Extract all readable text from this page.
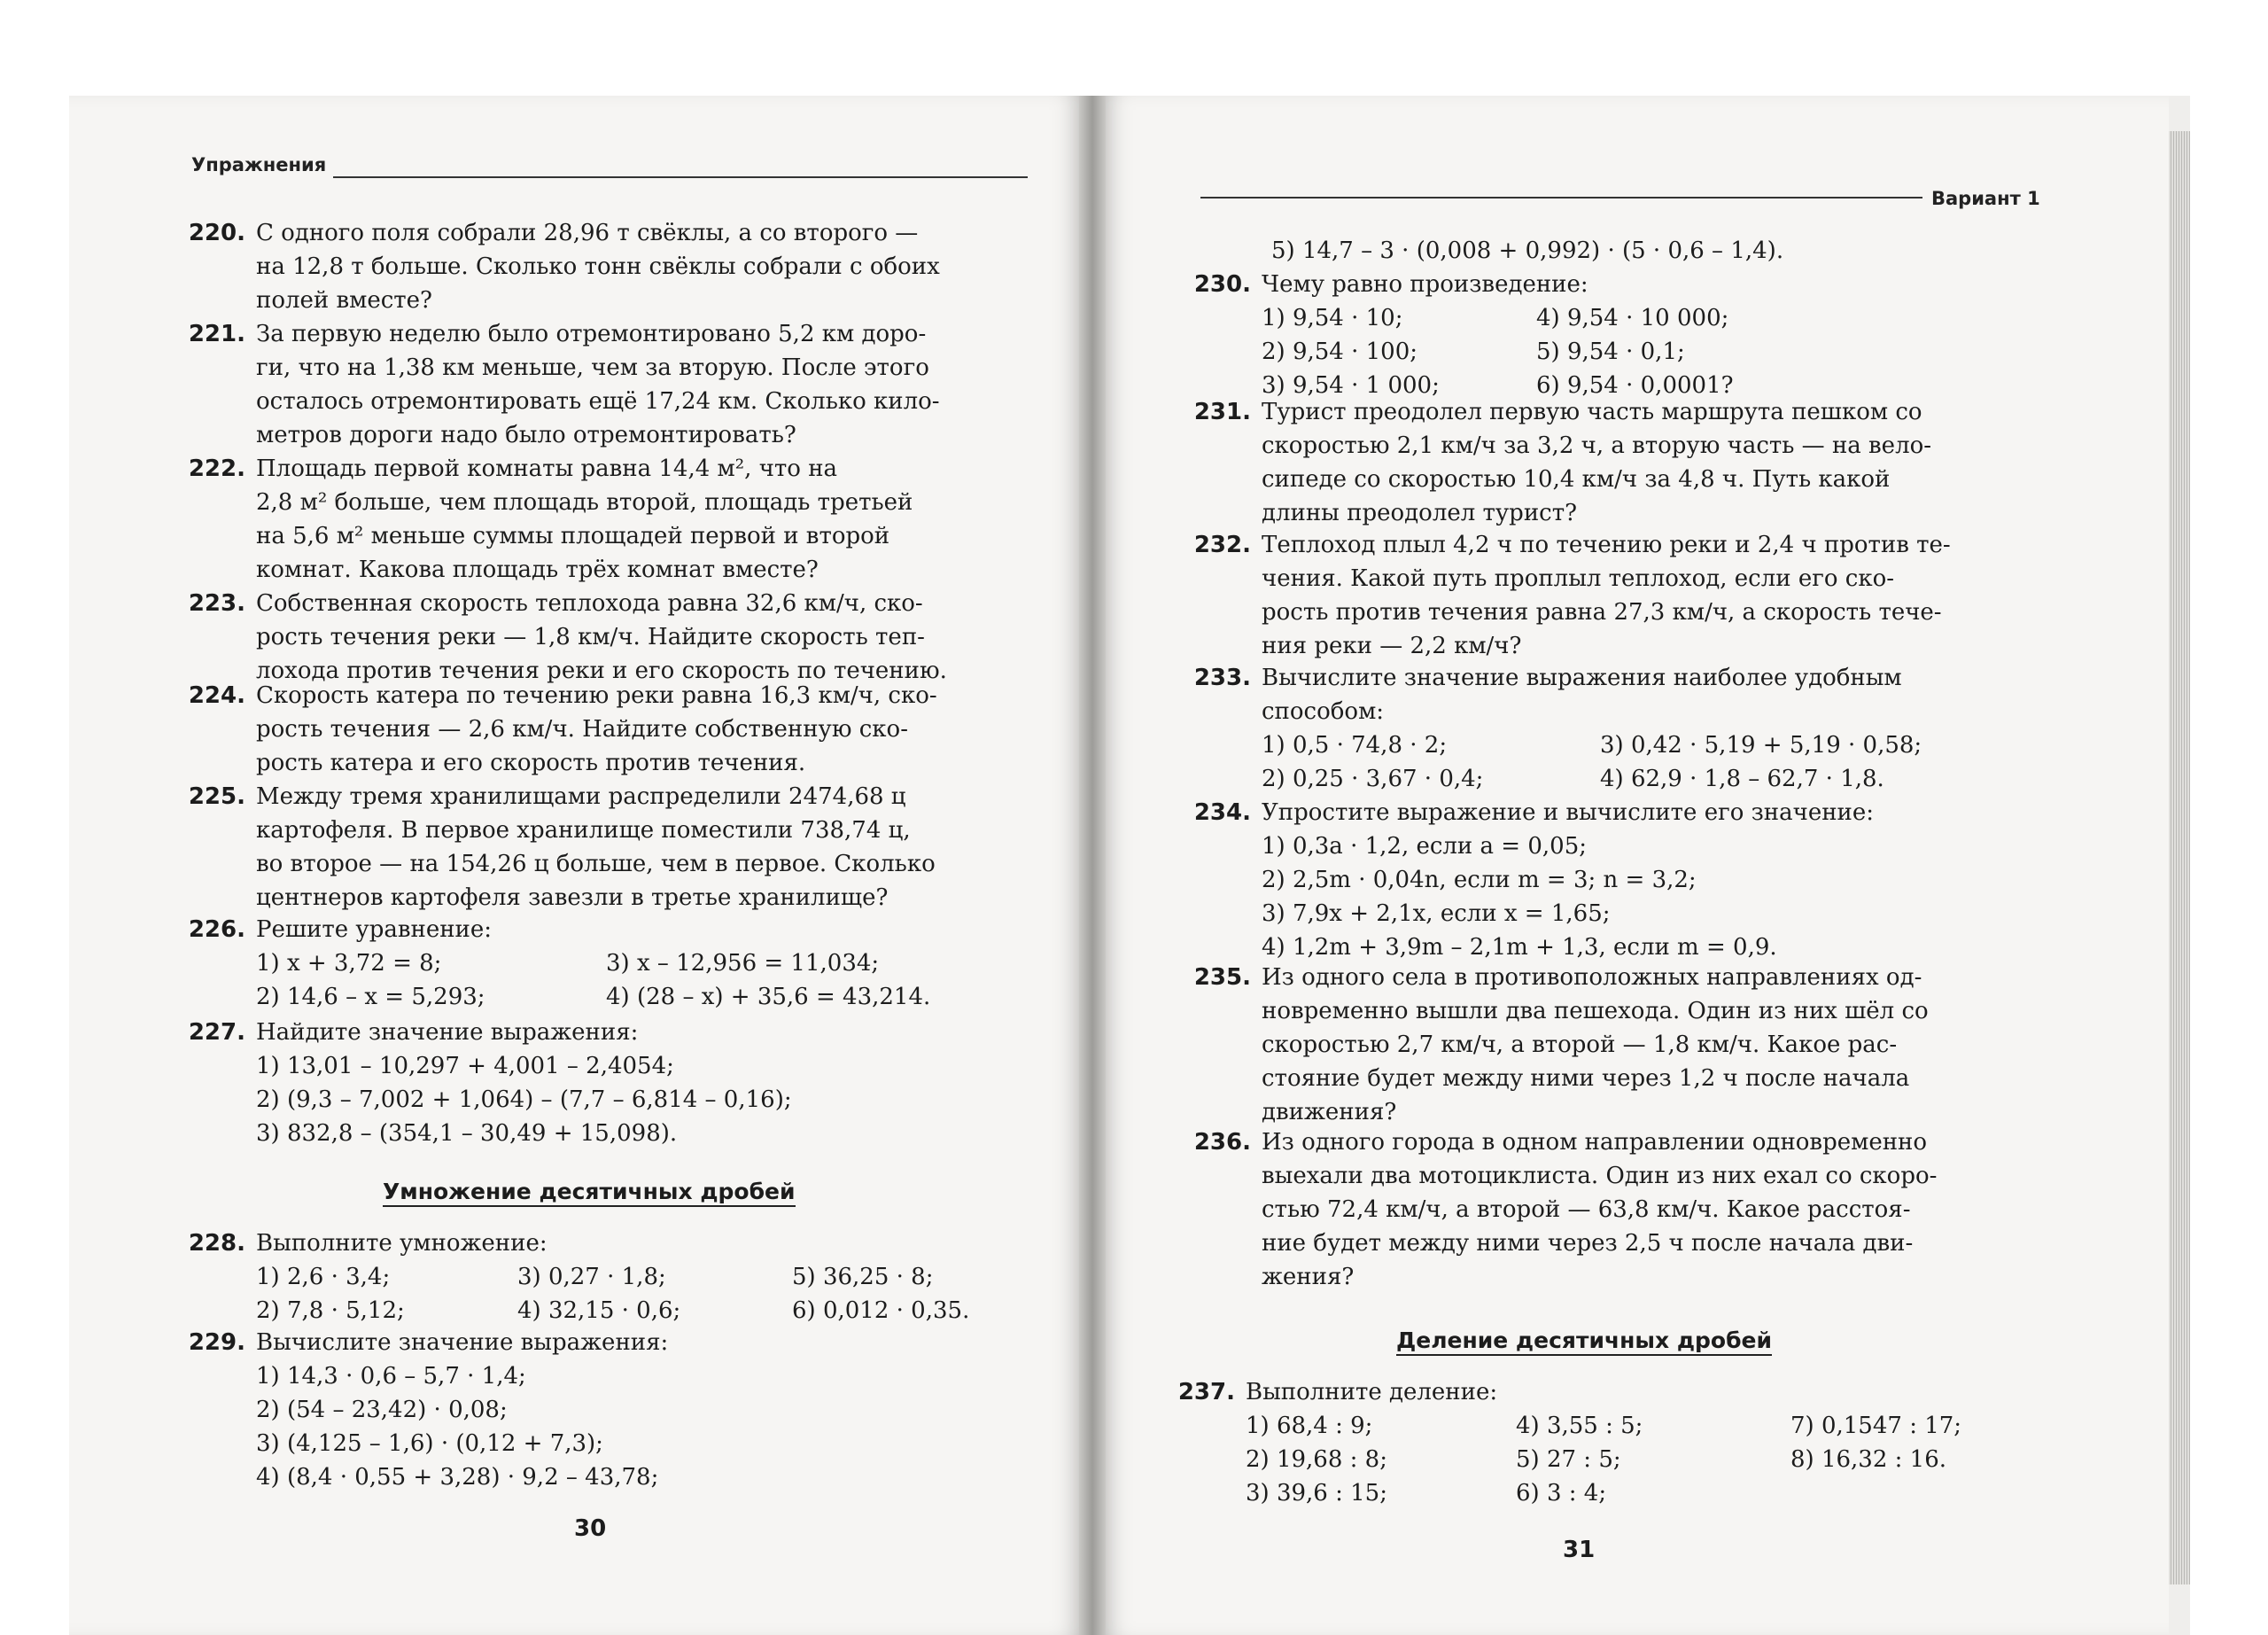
Упражнения
220. С одного поля собрали 28,96 т свёклы, а со второго —
на 12,8 т больше. Сколько тонн свёклы собрали с обоих
полей вместе?
221. За первую неделю было отремонтировано 5,2 км доро-
ги, что на 1,38 км меньше, чем за вторую. После этого
осталось отремонтировать ещё 17,24 км. Сколько кило-
метров дороги надо было отремонтировать?
222. Площадь первой комнаты равна 14,4 м², что на
2,8 м² больше, чем площадь второй, площадь третьей
на 5,6 м² меньше суммы площадей первой и второй
комнат. Какова площадь трёх комнат вместе?
223. Собственная скорость теплохода равна 32,6 км/ч, ско-
рость течения реки — 1,8 км/ч. Найдите скорость теп-
лохода против течения реки и его скорость по течению.
224. Скорость катера по течению реки равна 16,3 км/ч, ско-
рость течения — 2,6 км/ч. Найдите собственную ско-
рость катера и его скорость против течения.
225. Между тремя хранилищами распределили 2474,68 ц
картофеля. В первое хранилище поместили 738,74 ц,
во второе — на 154,26 ц больше, чем в первое. Сколько
центнеров картофеля завезли в третье хранилище?
226. Решите уравнение:
1) x + 3,72 = 8;	3) x – 12,956 = 11,034;
2) 14,6 – x = 5,293;	4) (28 – x) + 35,6 = 43,214.
227. Найдите значение выражения:
1) 13,01 – 10,297 + 4,001 – 2,4054;
2) (9,3 – 7,002 + 1,064) – (7,7 – 6,814 – 0,16);
3) 832,8 – (354,1 – 30,49 + 15,098).
Умножение десятичных дробей
228. Выполните умножение:
1) 2,6 · 3,4;	3) 0,27 · 1,8;	5) 36,25 · 8;
2) 7,8 · 5,12;	4) 32,15 · 0,6;	6) 0,012 · 0,35.
229. Вычислите значение выражения:
1) 14,3 · 0,6 – 5,7 · 1,4;
2) (54 – 23,42) · 0,08;
3) (4,125 – 1,6) · (0,12 + 7,3);
4) (8,4 · 0,55 + 3,28) · 9,2 – 43,78;
30
Вариант 1
5) 14,7 – 3 · (0,008 + 0,992) · (5 · 0,6 – 1,4).
230. Чему равно произведение:
1) 9,54 · 10;	4) 9,54 · 10 000;
2) 9,54 · 100;	5) 9,54 · 0,1;
3) 9,54 · 1 000;	6) 9,54 · 0,0001?
231. Турист преодолел первую часть маршрута пешком со
скоростью 2,1 км/ч за 3,2 ч, а вторую часть — на вело-
сипеде со скоростью 10,4 км/ч за 4,8 ч. Путь какой
длины преодолел турист?
232. Теплоход плыл 4,2 ч по течению реки и 2,4 ч против те-
чения. Какой путь проплыл теплоход, если его ско-
рость против течения равна 27,3 км/ч, а скорость тече-
ния реки — 2,2 км/ч?
233. Вычислите значение выражения наиболее удобным
способом:
1) 0,5 · 74,8 · 2;	3) 0,42 · 5,19 + 5,19 · 0,58;
2) 0,25 · 3,67 · 0,4;	4) 62,9 · 1,8 – 62,7 · 1,8.
234. Упростите выражение и вычислите его значение:
1) 0,3a · 1,2, если a = 0,05;
2) 2,5m · 0,04n, если m = 3; n = 3,2;
3) 7,9x + 2,1x, если x = 1,65;
4) 1,2m + 3,9m – 2,1m + 1,3, если m = 0,9.
235. Из одного села в противоположных направлениях од-
новременно вышли два пешехода. Один из них шёл со
скоростью 2,7 км/ч, а второй — 1,8 км/ч. Какое рас-
стояние будет между ними через 1,2 ч после начала
движения?
236. Из одного города в одном направлении одновременно
выехали два мотоциклиста. Один из них ехал со скоро-
стью 72,4 км/ч, а второй — 63,8 км/ч. Какое расстоя-
ние будет между ними через 2,5 ч после начала дви-
жения?
Деление десятичных дробей
237. Выполните деление:
1) 68,4 : 9;	4) 3,55 : 5;	7) 0,1547 : 17;
2) 19,68 : 8;	5) 27 : 5;	8) 16,32 : 16.
3) 39,6 : 15;	6) 3 : 4;
31
